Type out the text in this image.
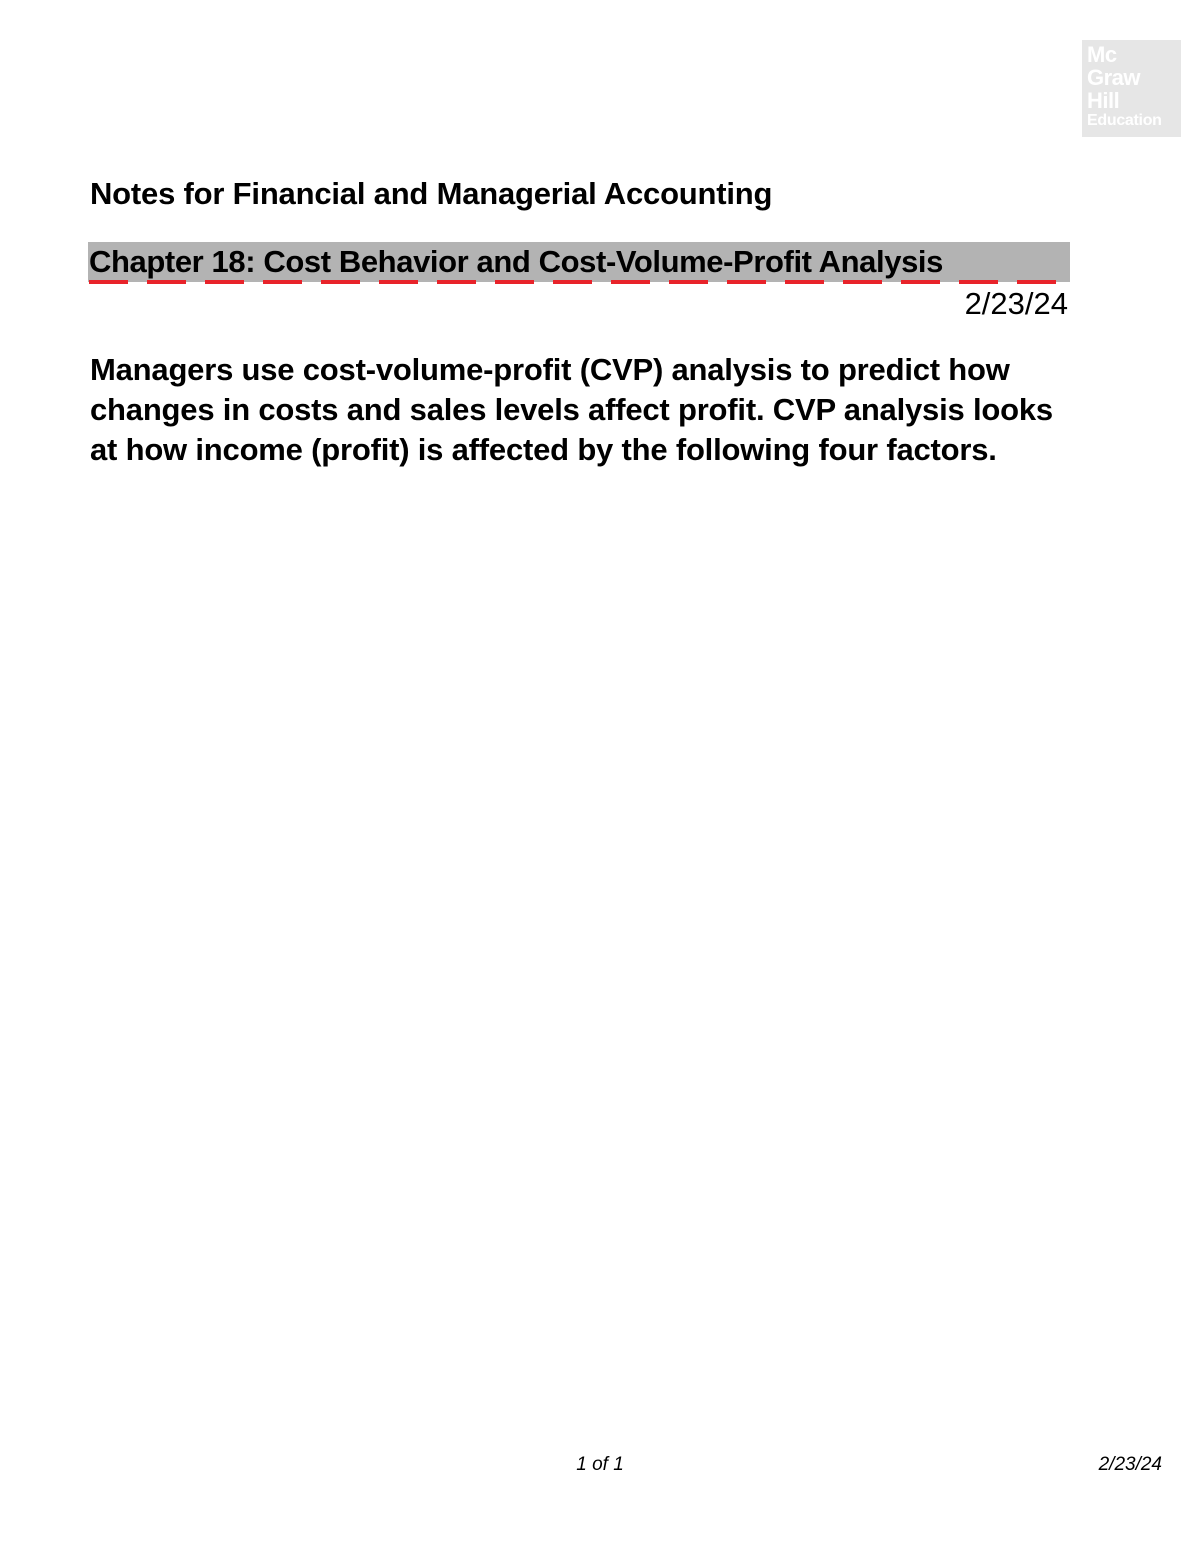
Mc
Graw
Hill
Education
Notes for Financial and Managerial Accounting
Chapter 18: Cost Behavior and Cost-Volume-Profit Analysis
2/23/24

Managers use cost-volume-profit (CVP) analysis to predict how changes in costs and sales levels affect profit. CVP analysis looks at how income (profit) is affected by the following four factors.

1 of 1	2/23/24
